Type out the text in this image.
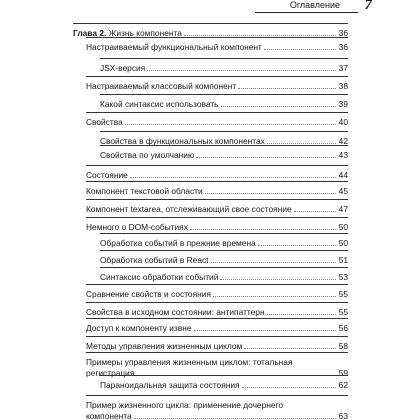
Оглавление 7
Глава 2. Жизнь компонента	36
Настраиваемый функциональный компонент	36
JSX-версия	37
Настраиваемый классовый компонент	38
Какой синтаксис использовать	39
Свойства	40
Свойства в функциональных компонентах	42
Свойства по умолчанию	43
Состояние	44
Компонент текстовой области	45
Компонент textarea, отслеживающий свое состояние	47
Немного о DOM-событиях	50
Обработка событий в прежние времена	50
Обработка событий в React	51
Синтаксис обработки событий	53
Сравнение свойств и состояния	55
Свойства в исходном состоянии: антипаттерн	55
Доступ к компоненту извне	56
Методы управления жизненным циклом	58
Примеры управления жизненным циклом: тотальная
регистрация	59
Параноидальная защита состояния	62
Пример жизненного цикла: применение дочернего
компонента	63
